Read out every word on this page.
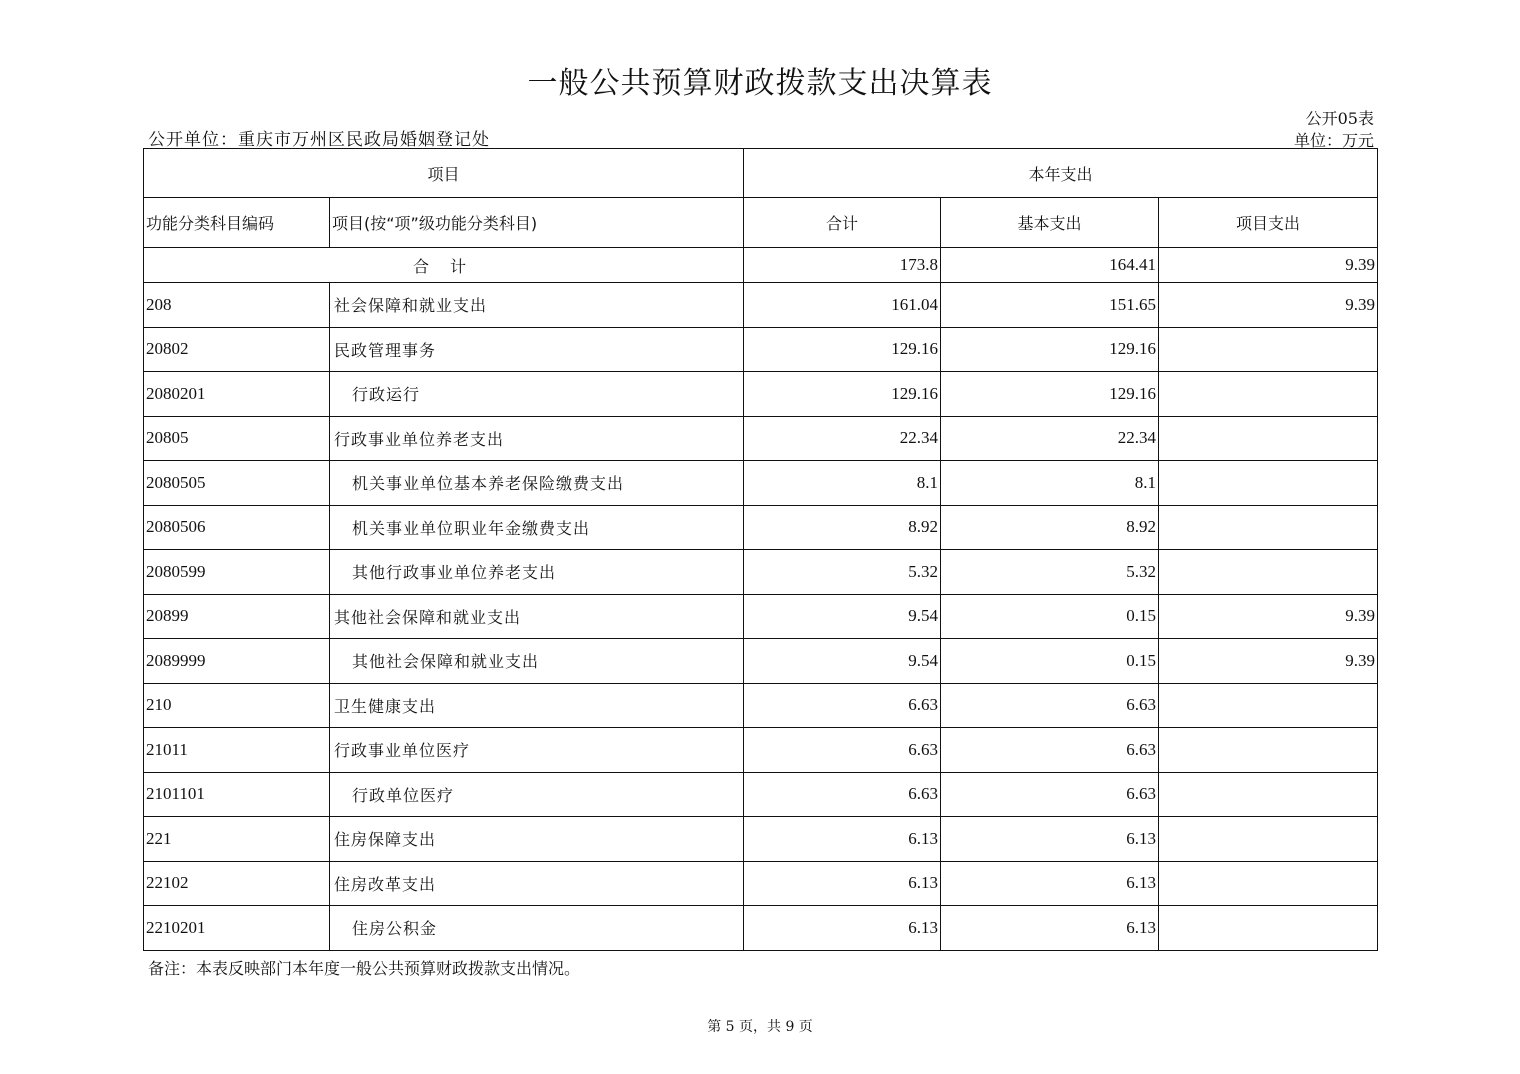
一般公共预算财政拨款支出决算表
公开05表
单位：万元
公开单位：重庆市万州区民政局婚姻登记处
项目		本年支出		
功能分类科目编码	项目(按“项”级功能分类科目)	合计	基本支出	项目支出
合 计		173.8	164.41	9.39
208	社会保障和就业支出	161.04	151.65	9.39
20802	民政管理事务	129.16	129.16	
2080201	行政运行	129.16	129.16	
20805	行政事业单位养老支出	22.34	22.34	
2080505	机关事业单位基本养老保险缴费支出	8.1	8.1	
2080506	机关事业单位职业年金缴费支出	8.92	8.92	
2080599	其他行政事业单位养老支出	5.32	5.32	
20899	其他社会保障和就业支出	9.54	0.15	9.39
2089999	其他社会保障和就业支出	9.54	0.15	9.39
210	卫生健康支出	6.63	6.63	
21011	行政事业单位医疗	6.63	6.63	
2101101	行政单位医疗	6.63	6.63	
221	住房保障支出	6.13	6.13	
22102	住房改革支出	6.13	6.13	
2210201	住房公积金	6.13	6.13	
备注：本表反映部门本年度一般公共预算财政拨款支出情况。
第 5 页，共 9 页
